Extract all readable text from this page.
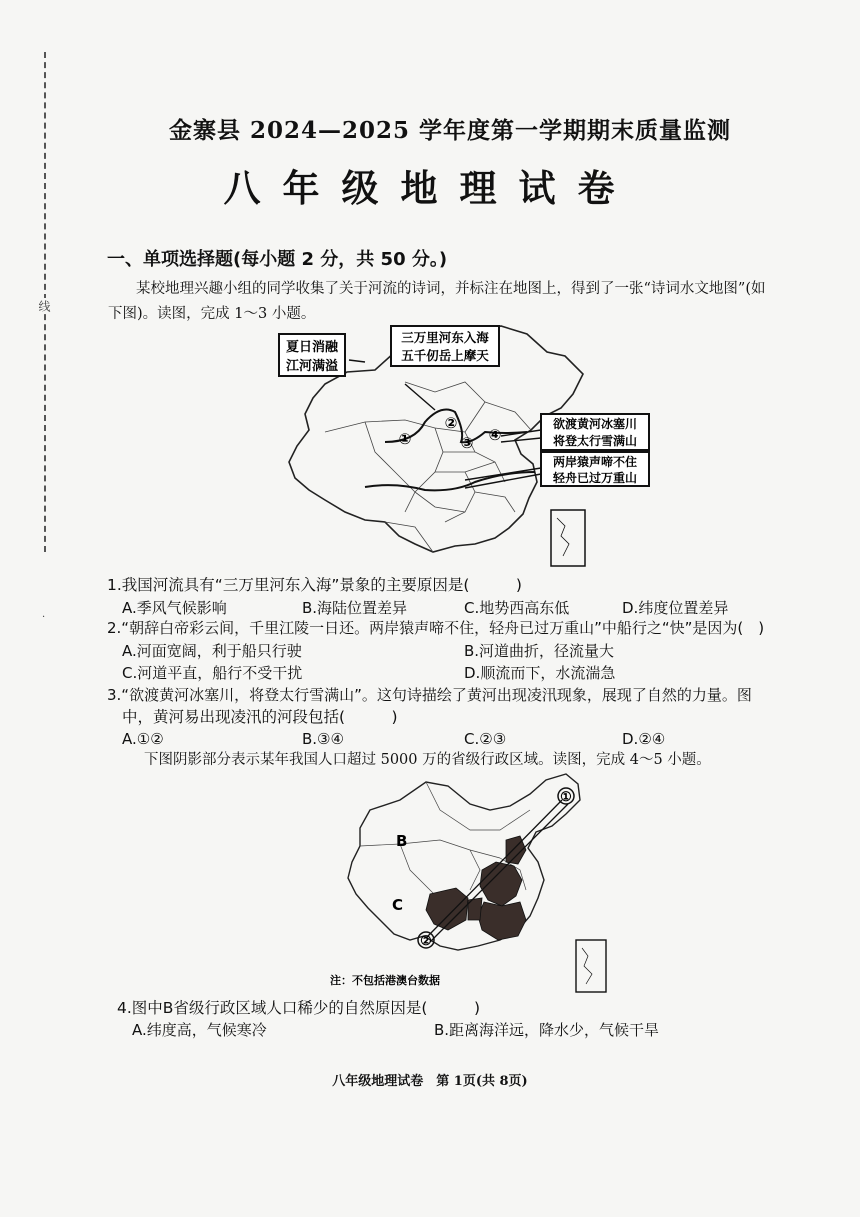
线
·
金寨县 2024—2025 学年度第一学期期末质量监测
八年级地理试卷
一、单项选择题(每小题 2 分，共 50 分。)
某校地理兴趣小组的同学收集了关于河流的诗词，并标注在地图上，得到了一张“诗词水文地图”(如下图)。读图，完成 1～3 小题。
夏日消融
江河满溢
三万里河东入海
五千仞岳上摩天
欲渡黄河冰塞川
将登太行雪满山
两岸猿声啼不住
轻舟已过万重山
①
②
③ ④
1.我国河流具有“三万里河东入海”景象的主要原因是(　　　)
A.季风气候影响	B.海陆位置差异	C.地势西高东低	D.纬度位置差异
2.“朝辞白帝彩云间，千里江陵一日还。两岸猿声啼不住，轻舟已过万重山”中船行之“快”是因为(　)
A.河面宽阔，利于船只行驶	B.河道曲折，径流量大
C.河道平直，船行不受干扰	D.顺流而下，水流湍急
3.“欲渡黄河冰塞川，将登太行雪满山”。这句诗描绘了黄河出现凌汛现象，展现了自然的力量。图
中，黄河易出现凌汛的河段包括(　　　)
A.①②	B.③④	C.②③	D.②④
下图阴影部分表示某年我国人口超过 5000 万的省级行政区域。读图，完成 4～5 小题。
①
②
B
C
注：不包括港澳台数据
4.图中B省级行政区域人口稀少的自然原因是(　　　)
A.纬度高，气候寒冷	B.距离海洋远，降水少，气候干旱
八年级地理试卷　第 1页(共 8页)
